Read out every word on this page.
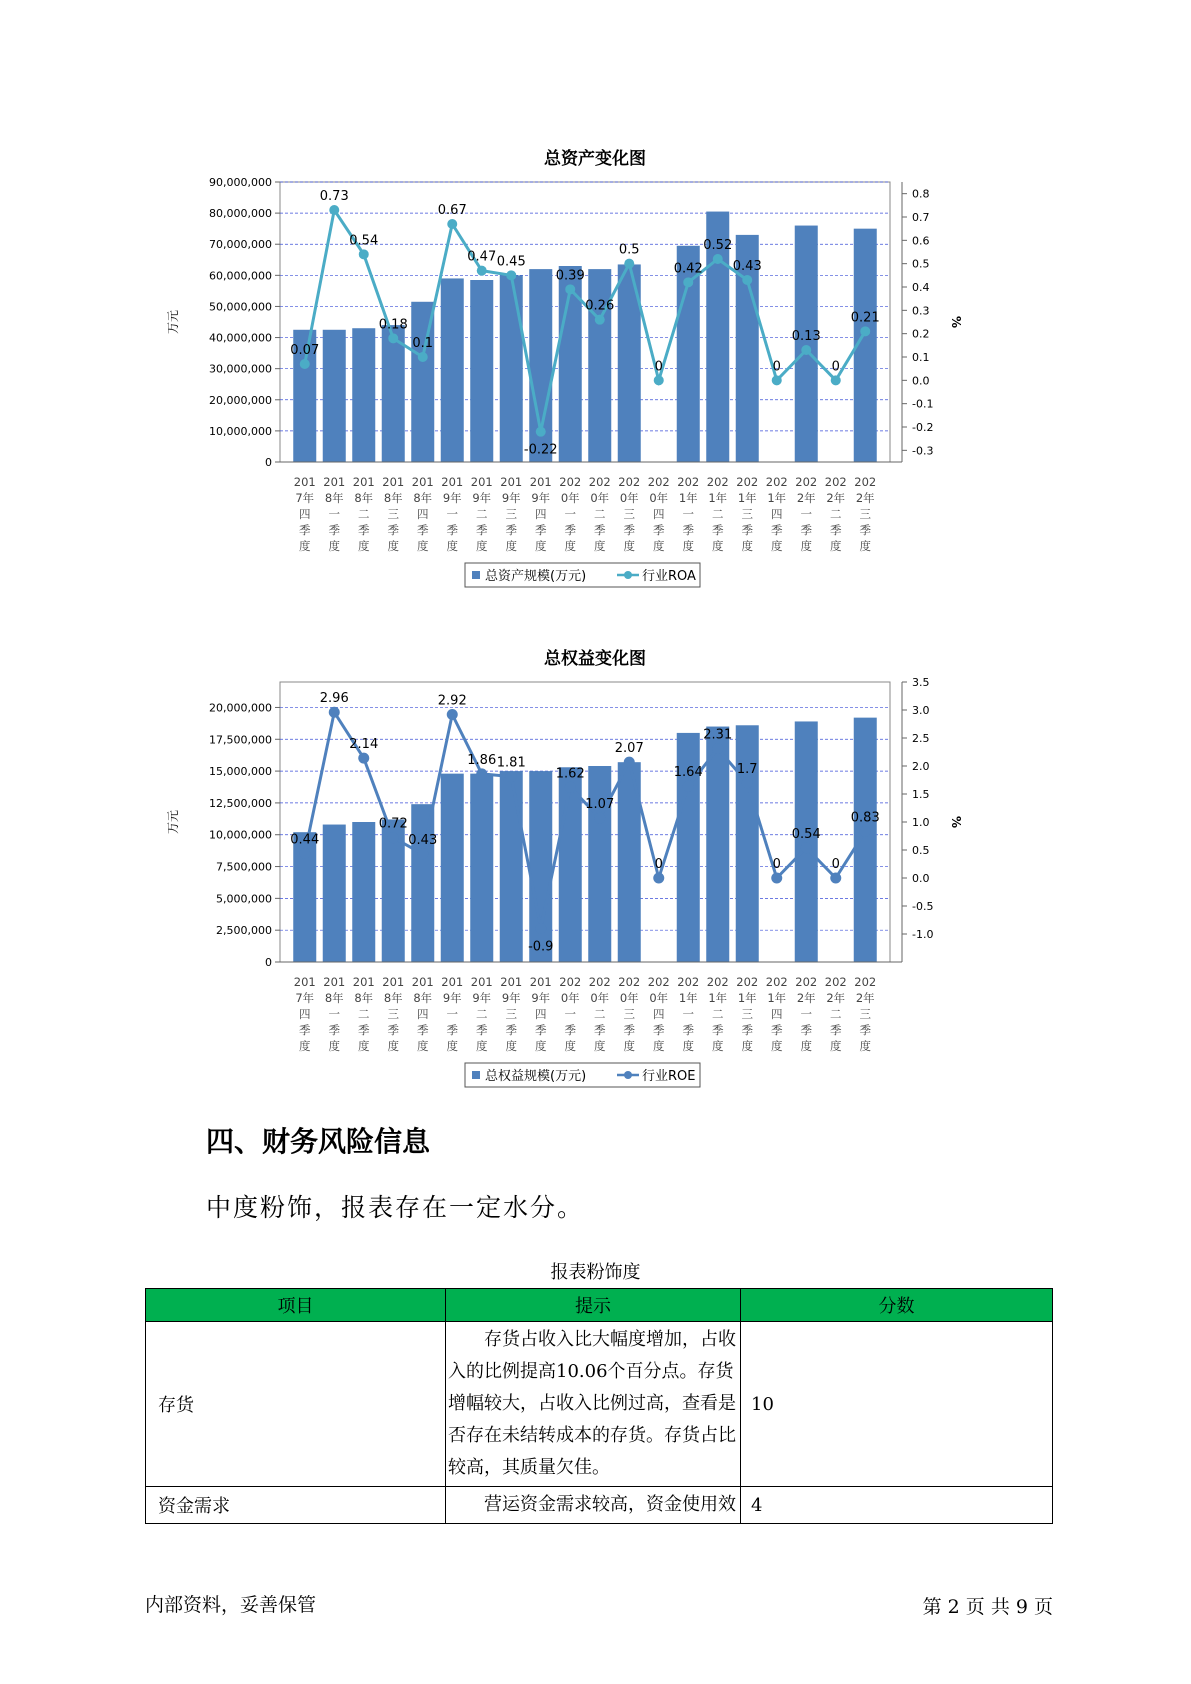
总资产变化图
0
10,000,000
20,000,000
30,000,000
40,000,000
50,000,000
60,000,000
70,000,000
80,000,000
90,000,000
-0.3
-0.2
-0.1
0.0
0.1
0.2
0.3
0.4
0.5
0.6
0.7
0.8
万元	%
0.07
0.73
0.54
0.18
0.1
0.67
0.47 0.45
-0.22
0.39
0.26
0.5
0
0.42
0.52
0.43
0
0.13
0
0.21
201 7年四季度
201 8年一季度
201 8年二季度
201 8年三季度
201 8年四季度
201 9年一季度
201 9年二季度
201 9年三季度
201 9年四季度
202 0年一季度
202 0年二季度
202 0年三季度
202 0年四季度
202 1年一季度
202 1年二季度
202 1年三季度
202 1年四季度
202 2年一季度
202 2年二季度
202 2年三季度
总资产规模(万元)	行业ROA
总权益变化图
0
2,500,000
5,000,000
7,500,000
10,000,000
12,500,000
15,000,000
17,500,000
20,000,000
-1.0
-0.5
0.0
0.5
1.0
1.5
2.0
2.5
3.0
3.5
万元	%
0.44
2.96
2.14
0.72
0.43
2.92
1.86 1.81
-0.9
1.62
1.07
2.07
0
1.64
2.31
1.7
0
0.54
0
0.83
201 7年四季度
201 8年一季度
201 8年二季度
201 8年三季度
201 8年四季度
201 9年一季度
201 9年二季度
201 9年三季度
201 9年四季度
202 0年一季度
202 0年二季度
202 0年三季度
202 0年四季度
202 1年一季度
202 1年二季度
202 1年三季度
202 1年四季度
202 2年一季度
202 2年二季度
202 2年三季度
总权益规模(万元)	行业ROE
四、财务风险信息

中度粉饰，报表存在一定水分。

报表粉饰度
项目	提示	分数
存货	存货占收入比大幅度增加，占收入的比例提高10.06个百分点。存货增幅较大，占收入比例过高，查看是否存在未结转成本的存货。存货占比较高，其质量欠佳。	10
资金需求	营运资金需求较高，资金使用效	4
内部资料，妥善保管	第 2 页 共 9 页
